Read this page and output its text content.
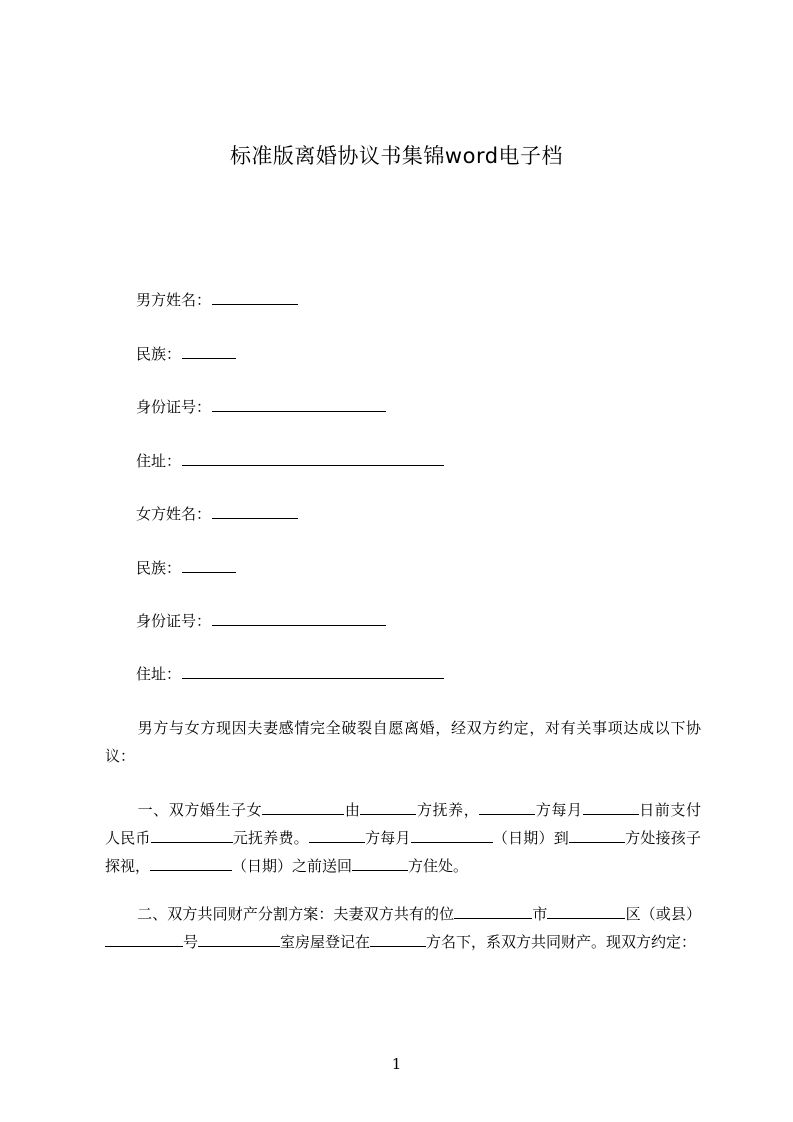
标准版离婚协议书集锦word电子档
男方姓名：
民族：
身份证号：
住址：
女方姓名：
民族：
身份证号：
住址：
男方与女方现因夫妻感情完全破裂自愿离婚，经双方约定，对有关事项达成以下协议：
一、双方婚生子女	由	方抚养，	方每月	日前支付人民币	元抚养费。	方每月	（日期）到	方处接孩子探视，	（日期）之前送回	方住处。
二、双方共同财产分割方案：夫妻双方共有的位	市	区（或县）号	室房屋登记在	方名下，系双方共同财产。现双方约定：
1
